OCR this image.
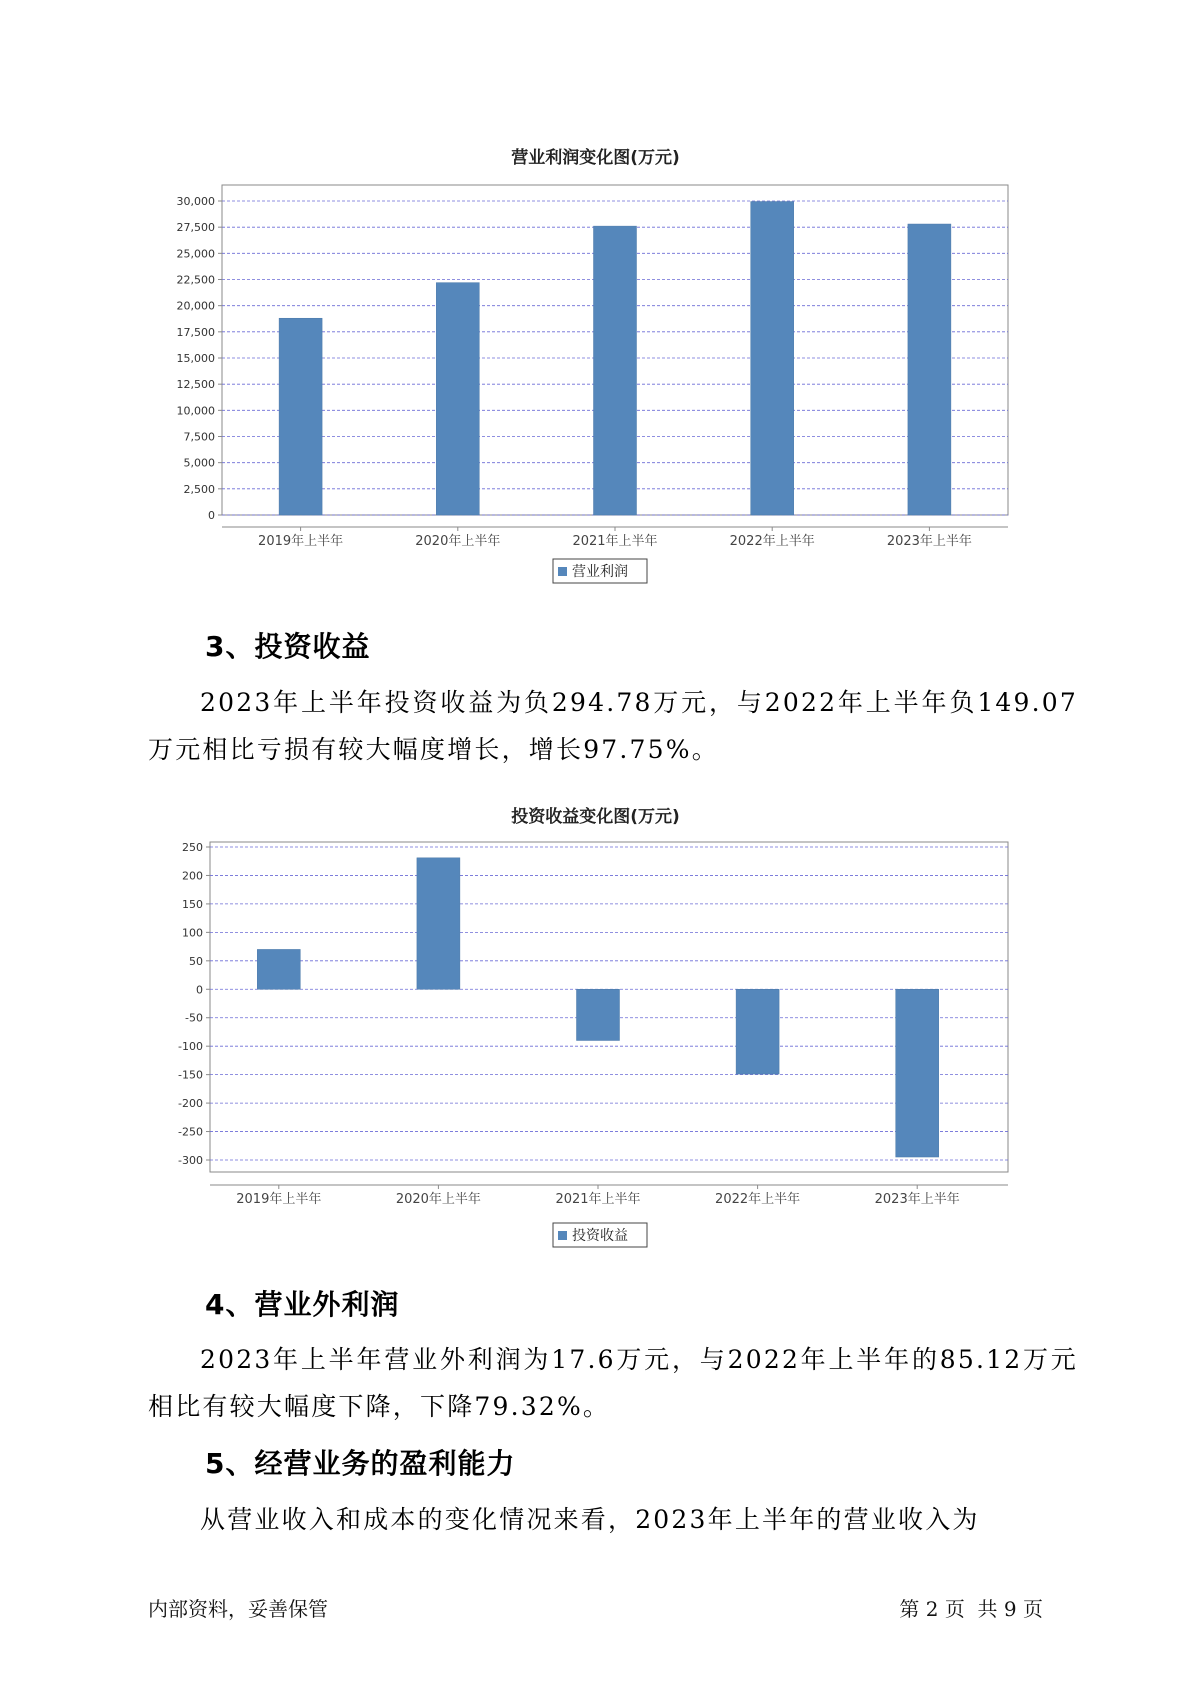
营业利润变化图(万元)
0
2,500
5,000
7,500
10,000
12,500
15,000
17,500
20,000
22,500
25,000
27,500
30,000
2019年上半年	2020年上半年	2021年上半年	2022年上半年	2023年上半年
营业利润
3、投资收益
2023年上半年投资收益为负294.78万元，与2022年上半年负149.07万元相比亏损有较大幅度增长，增长97.75%。
投资收益变化图(万元)
250
200
150
100
50
0
-50
-100
-150
-200
-250
-300
2019年上半年	2020年上半年	2021年上半年	2022年上半年	2023年上半年
投资收益
4、营业外利润
2023年上半年营业外利润为17.6万元，与2022年上半年的85.12万元相比有较大幅度下降，下降79.32%。
5、经营业务的盈利能力
从营业收入和成本的变化情况来看，2023年上半年的营业收入为
内部资料，妥善保管	第 2 页  共 9 页
